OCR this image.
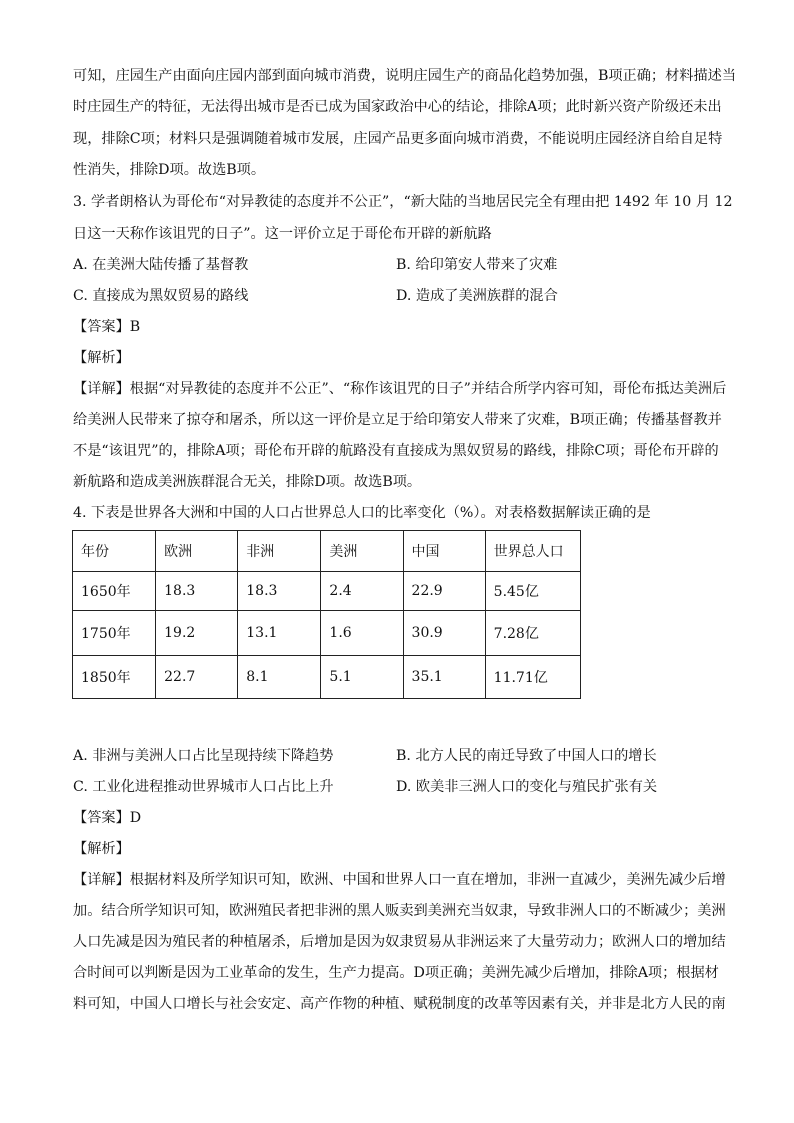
可知，庄园生产由面向庄园内部到面向城市消费，说明庄园生产的商品化趋势加强，B项正确；材料描述当
时庄园生产的特征，无法得出城市是否已成为国家政治中心的结论，排除A项；此时新兴资产阶级还未出
现，排除C项；材料只是强调随着城市发展，庄园产品更多面向城市消费，不能说明庄园经济自给自足特
性消失，排除D项。故选B项。
3. 学者朗格认为哥伦布“对异教徒的态度并不公正”，“新大陆的当地居民完全有理由把 1492 年 10 月 12
日这一天称作该诅咒的日子”。这一评价立足于哥伦布开辟的新航路
A. 在美洲大陆传播了基督教	B. 给印第安人带来了灾难
C. 直接成为黑奴贸易的路线	D. 造成了美洲族群的混合
【答案】B
【解析】
【详解】根据“对异教徒的态度并不公正”、“称作该诅咒的日子”并结合所学内容可知，哥伦布抵达美洲后
给美洲人民带来了掠夺和屠杀，所以这一评价是立足于给印第安人带来了灾难，B项正确；传播基督教并
不是“该诅咒”的，排除A项；哥伦布开辟的航路没有直接成为黑奴贸易的路线，排除C项；哥伦布开辟的
新航路和造成美洲族群混合无关，排除D项。故选B项。
4. 下表是世界各大洲和中国的人口占世界总人口的比率变化（%）。对表格数据解读正确的是
年份	欧洲	非洲	美洲	中国	世界总人口
1650年	18.3	18.3	2.4	22.9	5.45亿
1750年	19.2	13.1	1.6	30.9	7.28亿
1850年	22.7	8.1	5.1	35.1	11.71亿
A. 非洲与美洲人口占比呈现持续下降趋势	B. 北方人民的南迁导致了中国人口的增长
C. 工业化进程推动世界城市人口占比上升	D. 欧美非三洲人口的变化与殖民扩张有关
【答案】D
【解析】
【详解】根据材料及所学知识可知，欧洲、中国和世界人口一直在增加，非洲一直减少，美洲先减少后增
加。结合所学知识可知，欧洲殖民者把非洲的黑人贩卖到美洲充当奴隶，导致非洲人口的不断减少；美洲
人口先减是因为殖民者的种植屠杀，后增加是因为奴隶贸易从非洲运来了大量劳动力；欧洲人口的增加结
合时间可以判断是因为工业革命的发生，生产力提高。D项正确；美洲先减少后增加，排除A项；根据材
料可知，中国人口增长与社会安定、高产作物的种植、赋税制度的改革等因素有关，并非是北方人民的南
